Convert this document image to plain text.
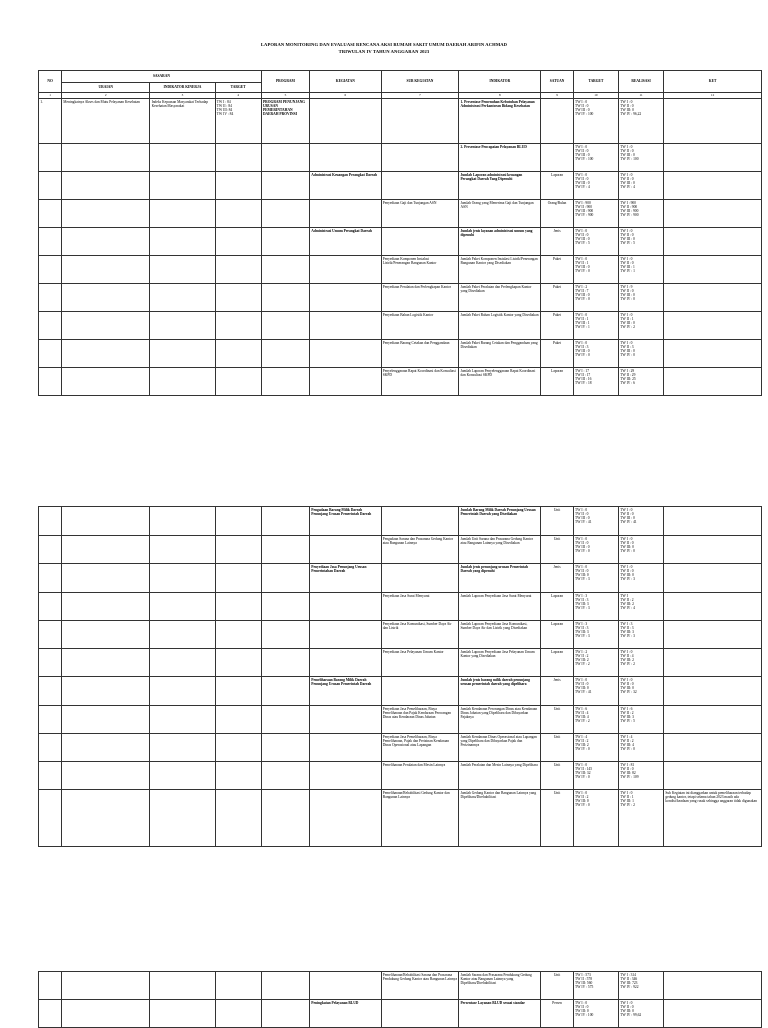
LAPORAN MONITORING DAN EVALUASI RENCANA AKSI RUMAH SAKIT UMUM DAERAH ARIFIN ACHMAD
TRIWULAN IV TAHUN ANGGARAN 2023
NO	SASARAN			PROGRAM	KEGIATAN	SUB KEGIATAN	INDIKATOR	SATUAN	TARGET	REALISASI	KET
	URAIAN	INDIKATOR KINERJA	TARGET								
1	2	3	4	5	6	7	8	9	10	11	12
1.	Meningkatnya Akses dan Mutu Pelayanan Kesehatan	Indeks Kepuasan Masyarakat Terhadap Kesehatan Masyarakat	TW I : 84
TW II : 84
TW III: 84
TW IV : 84	PROGRAM PENUNJANG URUSAN PEMERINTAHAN DAERAH PROVINSI			1. Persentase Pemenuhan Kebutuhan Pelayanan Administrasi Perkantoran Bidang Kesehatan		TW I : 0
TW II : 0
TW III : 0
TW IV : 100	TW I : 0
TW II : 0
TW III: 0
TW IV : 96,22	
							2. Persentase Pencapaian Pelayanan BLUD		TW I : 0
TW II : 0
TW III : 0
TW IV : 100	TW I : 0
TW II : 0
TW III : 0
TW IV : 100	
					Administrasi Keuangan Perangkat Daerah		Jumlah Laporan administrasi keuangan Perangkat Daerah Yang Dipenuhi	Laporan	TW I : 0
TW II : 0
TW III : 0
TW IV : 4	TW I : 0
TW II : 0
TW III : 0
TW IV : 4	
						Penyediaan Gaji dan Tunjangan ASN	Jumlah Orang yang Menerima Gaji dan Tunjangan ASN	Orang/Bulan	TW I : 900
TW II : 900
TW III : 900
TW IV : 900	TW I : 900
TW II : 900
TW III : 900
TW IV : 900	
					Administrasi Umum Perangkat Daerah		Jumlah jenis layanan administrasi umum yang dipenuhi	Jenis	TW I : 0
TW II : 0
TW III : 0
TW IV : 5	TW I : 0
TW II : 0
TW III : 0
TW IV : 5	
						Penyediaan Komponen Instalasi Listrik/Penerangan Bangunan Kantor	Jumlah Paket Komponen Instalasi Listrik/Penerangan Bangunan Kantor yang Disediakan	Paket	TW I : 0
TW II : 1
TW III : 0
TW IV : 0	TW I : 0
TW II : 0
TW III : 1
TW IV : 1	
						Penyediaan Peralatan dan Perlengkapan Kantor	Jumlah Paket Peralatan dan Perlengkapan Kantor yang Disediakan	Paket	TW I : 2
TW II : 7
TW III : 0
TW IV : 0	TW I : 9
TW II : 0
TW III : 0
TW IV : 0	
						Penyediaan Bahan Logistik Kantor	Jumlah Paket Bahan Logistik Kantor yang Disediakan	Paket	TW I : 0
TW II : 1
TW III : 1
TW IV : 1	TW I : 0
TW II : 1
TW III : 0
TW IV : 2	
						Penyediaan Barang Cetakan dan Penggandaan	Jumlah Paket Barang Cetakan dan Penggandaan yang Disediakan	Paket	TW I : 0
TW II : 3
TW III : 0
TW IV : 0	TW I : 0
TW II : 3
TW III : 0
TW IV : 0	
						Penyelenggaraan Rapat Koordinasi dan Konsultasi SKPD	Jumlah Laporan Penyelenggaraan Rapat Koordinasi dan Konsultasi SKPD	Laporan	TW I : 17
TW II : 17
TW III : 16
TW IV : 18	TW I : 29
TW II : 29
TW III: 25
TW IV : 6	
					Pengadaan Barang Milik Daerah Penunjang Urusan Pemerintah Daerah		Jumlah Barang Milik Daerah Penunjang Urusan Pemerintah Daerah yang Disediakan	Unit	TW I : 0
TW II : 0
TW III : 0
TW IV : 41	TW I : 0
TW II : 0
TW III : 0
TW IV : 41	
						Pengadaan Sarana dan Prasarana Gedung Kantor atau Bangunan Lainnya	Jumlah Unit Sarana dan Prasarana Gedung Kantor atau Bangunan Lainnya yang Disediakan	Unit	TW I : 0
TW II : 0
TW III : 0
TW IV : 0	TW I : 0
TW II : 0
TW III: 0
TW IV : 0	
					Penyediaan Jasa Penunjang Urusan Pemerintahan Daerah		Jumlah jenis penunjang urusan Pemerintah Daerah yang dipenuhi	Jenis	TW I : 0
TW II : 0
TW III: 0
TW IV : 3	TW I : 0
TW II : 0
TW III: 0
TW IV : 3	
						Penyediaan Jasa Surat Menyurat	Jumlah Laporan Penyediaan Jasa Surat Menyurat	Laporan	TW I : 3
TW II : 3
TW III: 3
TW IV : 3	TW I
TW II : 2
TW III: 2
TW IV : 4	
						Penyediaan Jasa Komunikasi, Sumber Daya Air dan Listrik	Jumlah Laporan Penyediaan Jasa Komunikasi, Sumber Daya Air dan Listrik yang Disediakan	Laporan	TW I : 3
TW II : 3
TW III: 3
TW IV : 3	TW I : 3
TW II : 3
TW III: 3
TW IV : 3	
						Penyediaan Jasa Pelayanan Umum Kantor	Jumlah Laporan Penyediaan Jasa Pelayanan Umum Kantor yang Disediakan	Laporan	TW I : 2
TW II : 2
TW III: 2
TW IV : 2	TW I : 0
TW II : 4
TW III: 2
TW IV : 2	
					Pemeliharaan Barang Milik Daerah Penunjang Urusan Pemerintah Daerah		Jumlah jenis barang milik daerah penunjang urusan pemerintah daerah yang dipelihara	Jenis	TW I : 0
TW II : 0
TW III: 0
TW IV : 41	TW I : 0
TW II : 0
TW III: 0
TW IV : 32	
						Penyediaan Jasa Pemeliharaan, Biaya Pemeliharaan dan Pajak Kendaraan Perorangan Dinas atau Kendaraan Dinas Jabatan	Jumlah Kendaraan Perorangan Dinas atau Kendaraan Dinas Jabatan yang Dipelihara dan Dibayarkan Pajaknya	Unit	TW I : 6
TW II : 4
TW III: 4
TW IV : 2	TW I : 6
TW II : 2
TW III: 3
TW IV : 5	
						Penyediaan Jasa Pemeliharaan, Biaya Pemeliharaan, Pajak dan Perizinan Kendaraan Dinas Operasional atau Lapangan	Jumlah Kendaraan Dinas Operasional atau Lapangan yang Dipelihara dan Dibayarkan Pajak dan Perizinannya	Unit	TW I : 4
TW II : 2
TW III: 2
TW IV : 0	TW I : 4
TW II : 2
TW III: 4
TW IV : 0	
						Pemeliharaan Peralatan dan Mesin Lainnya	Jumlah Peralatan dan Mesin Lainnya yang Dipelihara	Unit	TW I : 0
TW II : 145
TW III: 32
TW IV : 0	TW I : 81
TW II : 0
TW III: 82
TW IV : 109	
						Pemeliharaan/Rehabilitasi Gedung Kantor dan Bangunan Lainnya	Jumlah Gedung Kantor dan Bangunan Lainnya yang Dipelihara/Direhabilitasi	Unit	TW I : 0
TW II : 2
TW III: 0
TW IV : 0	TW I : 0
TW II : 1
TW III: 1
TW IV : 2	Sub Kegiatan ini dianggarkan untuk pemeliharaan terhadap gedung kantor, tetapi selama tahun 2023 masih ada kondisi/keadaan yang rusak sehingga anggaran tidak digunakan
						Pemeliharaan/Rehabilitasi Sarana dan Prasarana Pendukung Gedung Kantor atau Bangunan Lainnya	Jumlah Sarana dan Prasarana Pendukung Gedung Kantor atau Bangunan Lainnya yang Dipelihara/Direhabilitasi	Unit	TW I : 573
TW II : 578
TW III: 560
TW IV : 575	TW I : 314
TW II : 346
TW III: 723
TW IV : 922	
					Peningkatan Pelayanan BLUD		Persentase Layanan BLUD sesuai standar	Persen	TW I : 0
TW II : 0
TW III: 0
TW IV : 100	TW I : 0
TW II : 0
TW III: 0
TW IV : 99,62	
